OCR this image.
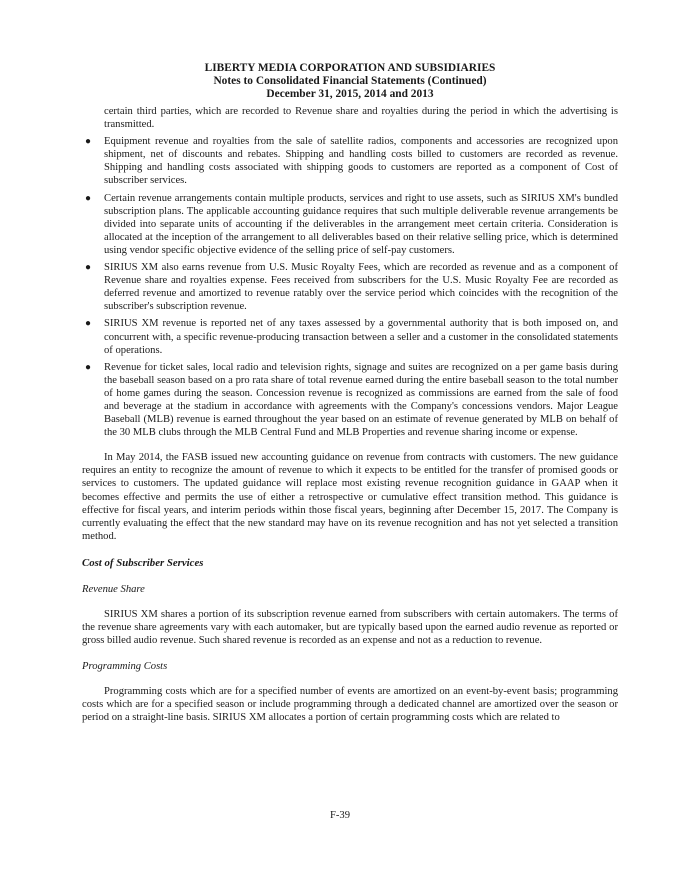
LIBERTY MEDIA CORPORATION AND SUBSIDIARIES
Notes to Consolidated Financial Statements (Continued)
December 31, 2015, 2014 and 2013

certain third parties, which are recorded to Revenue share and royalties during the period in which the advertising is transmitted.

● Equipment revenue and royalties from the sale of satellite radios, components and accessories are recognized upon shipment, net of discounts and rebates. Shipping and handling costs billed to customers are recorded as revenue. Shipping and handling costs associated with shipping goods to customers are reported as a component of Cost of subscriber services.

● Certain revenue arrangements contain multiple products, services and right to use assets, such as SIRIUS XM's bundled subscription plans. The applicable accounting guidance requires that such multiple deliverable revenue arrangements be divided into separate units of accounting if the deliverables in the arrangement meet certain criteria. Consideration is allocated at the inception of the arrangement to all deliverables based on their relative selling price, which is determined using vendor specific objective evidence of the selling price of self-pay customers.

● SIRIUS XM also earns revenue from U.S. Music Royalty Fees, which are recorded as revenue and as a component of Revenue share and royalties expense. Fees received from subscribers for the U.S. Music Royalty Fee are recorded as deferred revenue and amortized to revenue ratably over the service period which coincides with the recognition of the subscriber's subscription revenue.

● SIRIUS XM revenue is reported net of any taxes assessed by a governmental authority that is both imposed on, and concurrent with, a specific revenue-producing transaction between a seller and a customer in the consolidated statements of operations.

● Revenue for ticket sales, local radio and television rights, signage and suites are recognized on a per game basis during the baseball season based on a pro rata share of total revenue earned during the entire baseball season to the total number of home games during the season. Concession revenue is recognized as commissions are earned from the sale of food and beverage at the stadium in accordance with agreements with the Company's concessions vendors. Major League Baseball (MLB) revenue is earned throughout the year based on an estimate of revenue generated by MLB on behalf of the 30 MLB clubs through the MLB Central Fund and MLB Properties and revenue sharing income or expense.

In May 2014, the FASB issued new accounting guidance on revenue from contracts with customers. The new guidance requires an entity to recognize the amount of revenue to which it expects to be entitled for the transfer of promised goods or services to customers. The updated guidance will replace most existing revenue recognition guidance in GAAP when it becomes effective and permits the use of either a retrospective or cumulative effect transition method. This guidance is effective for fiscal years, and interim periods within those fiscal years, beginning after December 15, 2017. The Company is currently evaluating the effect that the new standard may have on its revenue recognition and has not yet selected a transition method.

Cost of Subscriber Services

Revenue Share

SIRIUS XM shares a portion of its subscription revenue earned from subscribers with certain automakers. The terms of the revenue share agreements vary with each automaker, but are typically based upon the earned audio revenue as reported or gross billed audio revenue. Such shared revenue is recorded as an expense and not as a reduction to revenue.

Programming Costs

Programming costs which are for a specified number of events are amortized on an event-by-event basis; programming costs which are for a specified season or include programming through a dedicated channel are amortized over the season or period on a straight-line basis. SIRIUS XM allocates a portion of certain programming costs which are related to

F-39
